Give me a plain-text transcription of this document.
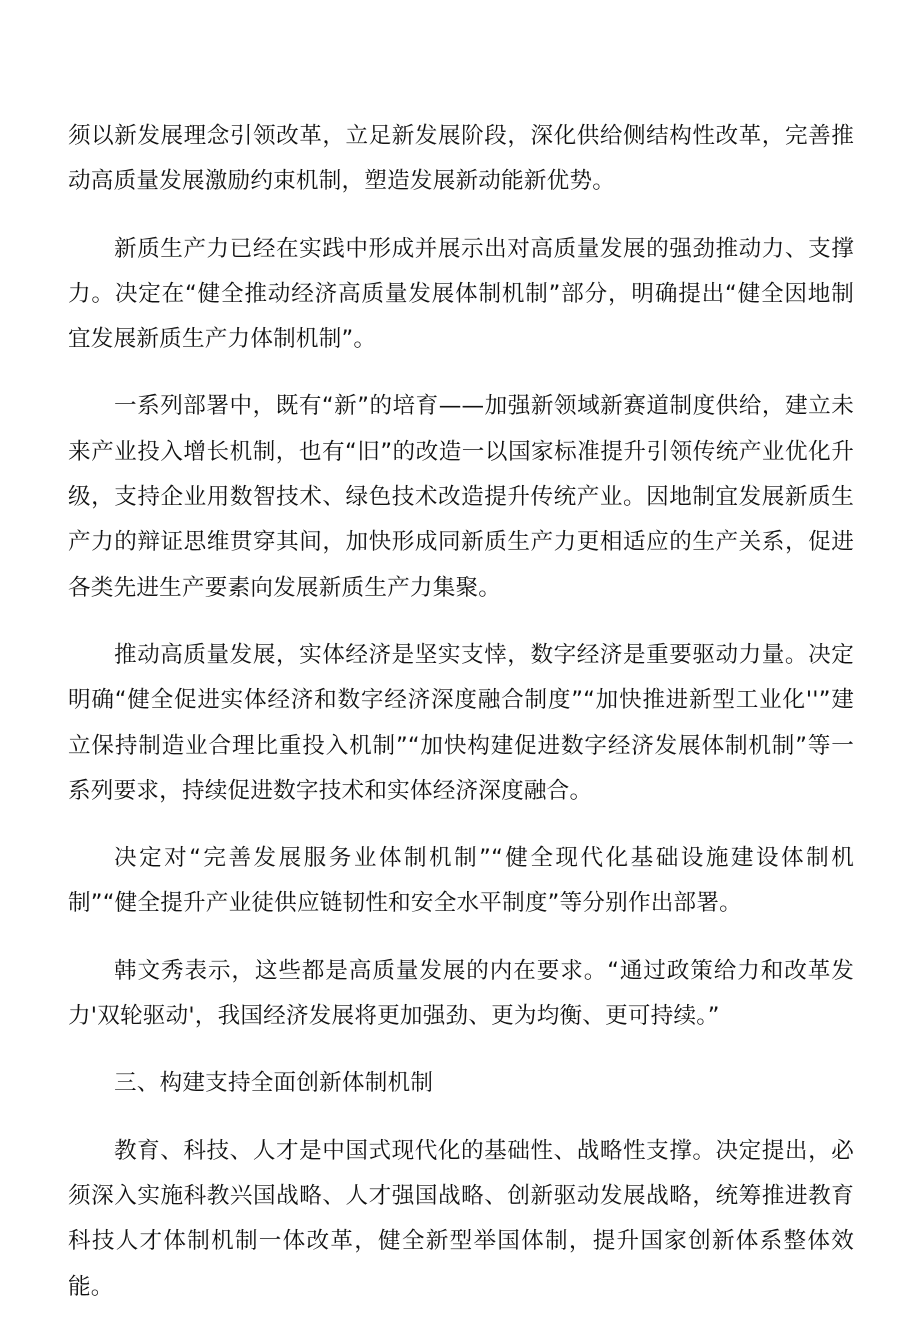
须以新发展理念引领改革，立足新发展阶段，深化供给侧结构性改革，完善推动高质量发展激励约束机制，塑造发展新动能新优势。

新质生产力已经在实践中形成并展示出对高质量发展的强劲推动力、支撑力。决定在“健全推动经济高质量发展体制机制”部分，明确提出“健全因地制宜发展新质生产力体制机制”。

一系列部署中，既有“新”的培育——加强新领域新赛道制度供给，建立未来产业投入增长机制，也有“旧”的改造一以国家标准提升引领传统产业优化升级，支持企业用数智技术、绿色技术改造提升传统产业。因地制宜发展新质生产力的辩证思维贯穿其间，加快形成同新质生产力更相适应的生产关系，促进各类先进生产要素向发展新质生产力集聚。

推动高质量发展，实体经济是坚实支悻，数字经济是重要驱动力量。决定明确“健全促进实体经济和数字经济深度融合制度”“加快推进新型工业化''”建立保持制造业合理比重投入机制”“加快构建促进数字经济发展体制机制”等一系列要求，持续促进数字技术和实体经济深度融合。

决定对“完善发展服务业体制机制”“健全现代化基础设施建设体制机制”“健全提升产业徒供应链韧性和安全水平制度”等分别作出部署。

韩文秀表示，这些都是高质量发展的内在要求。“通过政策给力和改革发力'双轮驱动'，我国经济发展将更加强劲、更为均衡、更可持续。”

三、构建支持全面创新体制机制

教育、科技、人才是中国式现代化的基础性、战略性支撑。决定提出，必须深入实施科教兴国战略、人才强国战略、创新驱动发展战略，统筹推进教育科技人才体制机制一体改革，健全新型举国体制，提升国家创新体系整体效能。
